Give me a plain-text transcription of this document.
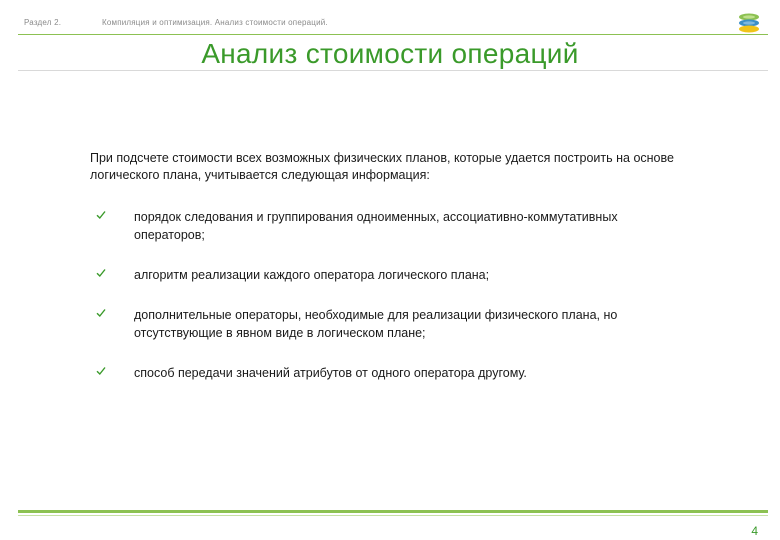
Раздел 2.	Компиляция и оптимизация. Анализ стоимости операций.
Анализ стоимости операций

При подсчете стоимости всех возможных физических планов, которые удается построить на основе логического плана, учитывается следующая информация:

порядок следования и группирования одноименных, ассоциативно-коммутативных операторов;
алгоритм реализации каждого оператора логического плана;
дополнительные операторы, необходимые для реализации физического плана, но отсутствующие в явном виде в логическом плане;
способ передачи значений атрибутов от одного оператора другому.
4
